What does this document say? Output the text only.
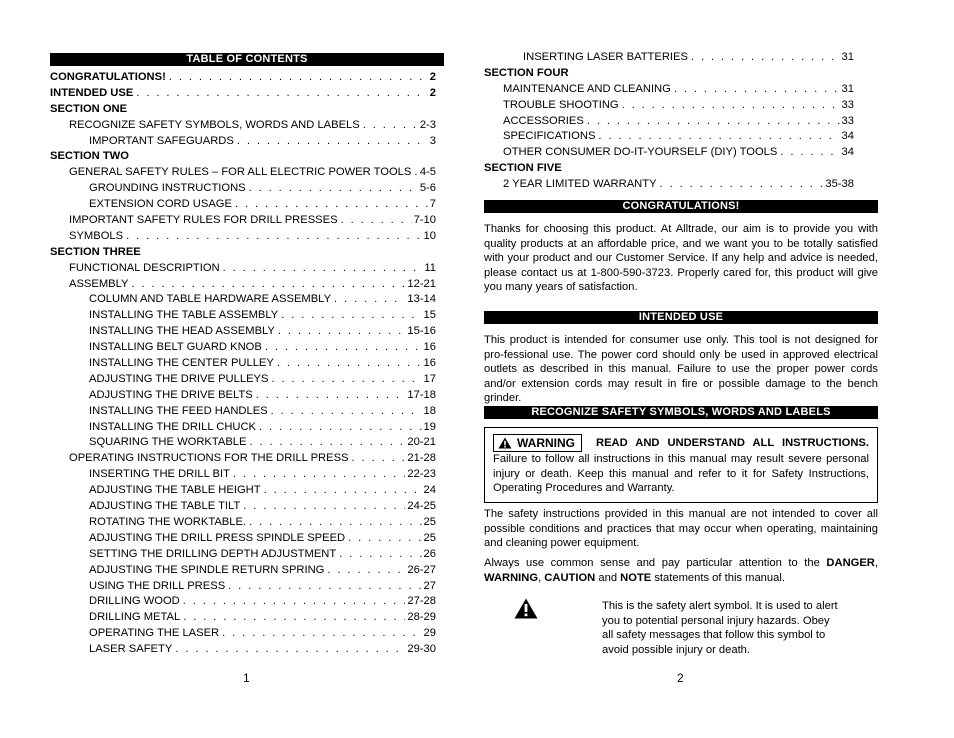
TABLE OF CONTENTS
CONGRATULATIONS! . . .	2
INTENDED USE . . .	2
SECTION ONE
RECOGNIZE SAFETY SYMBOLS, WORDS AND LABELS . . .	2-3
IMPORTANT SAFEGUARDS . . .	3
SECTION TWO
GENERAL SAFETY RULES – FOR ALL ELECTRIC POWER TOOLS . . . 4-5
GROUNDING INSTRUCTIONS . . .	5-6
EXTENSION CORD USAGE . . .	7
IMPORTANT SAFETY RULES FOR DRILL PRESSES . . .	7-10
SYMBOLS . . .	10
SECTION THREE
FUNCTIONAL DESCRIPTION . . .	11
ASSEMBLY . . .	12-21
COLUMN AND TABLE HARDWARE ASSEMBLY . . .	13-14
INSTALLING THE TABLE ASSEMBLY . . .	15
INSTALLING THE HEAD ASSEMBLY . . .	15-16
INSTALLING BELT GUARD KNOB . . .	16
INSTALLING THE CENTER PULLEY . . .	16
ADJUSTING THE DRIVE PULLEYS . . .	17
ADJUSTING THE DRIVE BELTS . . .	17-18
INSTALLING THE FEED HANDLES . . .	18
INSTALLING THE DRILL CHUCK . . .	19
SQUARING THE WORKTABLE . . .	20-21
OPERATING INSTRUCTIONS FOR THE DRILL PRESS . . .	21-28
INSERTING THE DRILL BIT . . .	22-23
ADJUSTING THE TABLE HEIGHT . . .	24
ADJUSTING THE TABLE TILT . . .	24-25
ROTATING THE WORKTABLE. . . .	25
ADJUSTING THE DRILL PRESS SPINDLE SPEED . . .	25
SETTING THE DRILLING DEPTH ADJUSTMENT . . .	26
ADJUSTING THE SPINDLE RETURN SPRING . . .	26-27
USING THE DRILL PRESS . . .	27
DRILLING WOOD . . .	27-28
DRILLING METAL . . .	28-29
OPERATING THE LASER . . .	29
LASER SAFETY . . .	29-30
1
INSERTING LASER BATTERIES . . .	31
SECTION FOUR
MAINTENANCE AND CLEANING . . .	31
TROUBLE SHOOTING . . .	33
ACCESSORIES . . .	33
SPECIFICATIONS . . .	34
OTHER CONSUMER DO-IT-YOURSELF (DIY) TOOLS . . .	34
SECTION FIVE
2 YEAR LIMITED WARRANTY . . .	35-38
CONGRATULATIONS!

Thanks for choosing this product. At Alltrade, our aim is to provide you with quality products at an affordable price, and we want you to be totally satisfied with your product and our Customer Service. If any help and advice is needed, please contact us at 1-800-590-3723. Properly cared for, this product will give you many years of satisfaction.

INTENDED USE

This product is intended for consumer use only. This tool is not designed for pro-fessional use. The power cord should only be used in approved electrical outlets as described in this manual. Failure to use the proper power cords and/or extension cords may result in fire or possible damage to the bench grinder.

RECOGNIZE SAFETY SYMBOLS, WORDS AND LABELS

WARNING READ AND UNDERSTAND ALL INSTRUCTIONS. Failure to follow all instructions in this manual may result severe personal injury or death. Keep this manual and refer to it for Safety Instructions, Operating Procedures and Warranty.

The safety instructions provided in this manual are not intended to cover all possible conditions and practices that may occur when operating, maintaining and cleaning power equipment.

Always use common sense and pay particular attention to the DANGER, WARNING, CAUTION and NOTE statements of this manual.

This is the safety alert symbol. It is used to alert you to potential personal injury hazards. Obey all safety messages that follow this symbol to avoid possible injury or death.

2
